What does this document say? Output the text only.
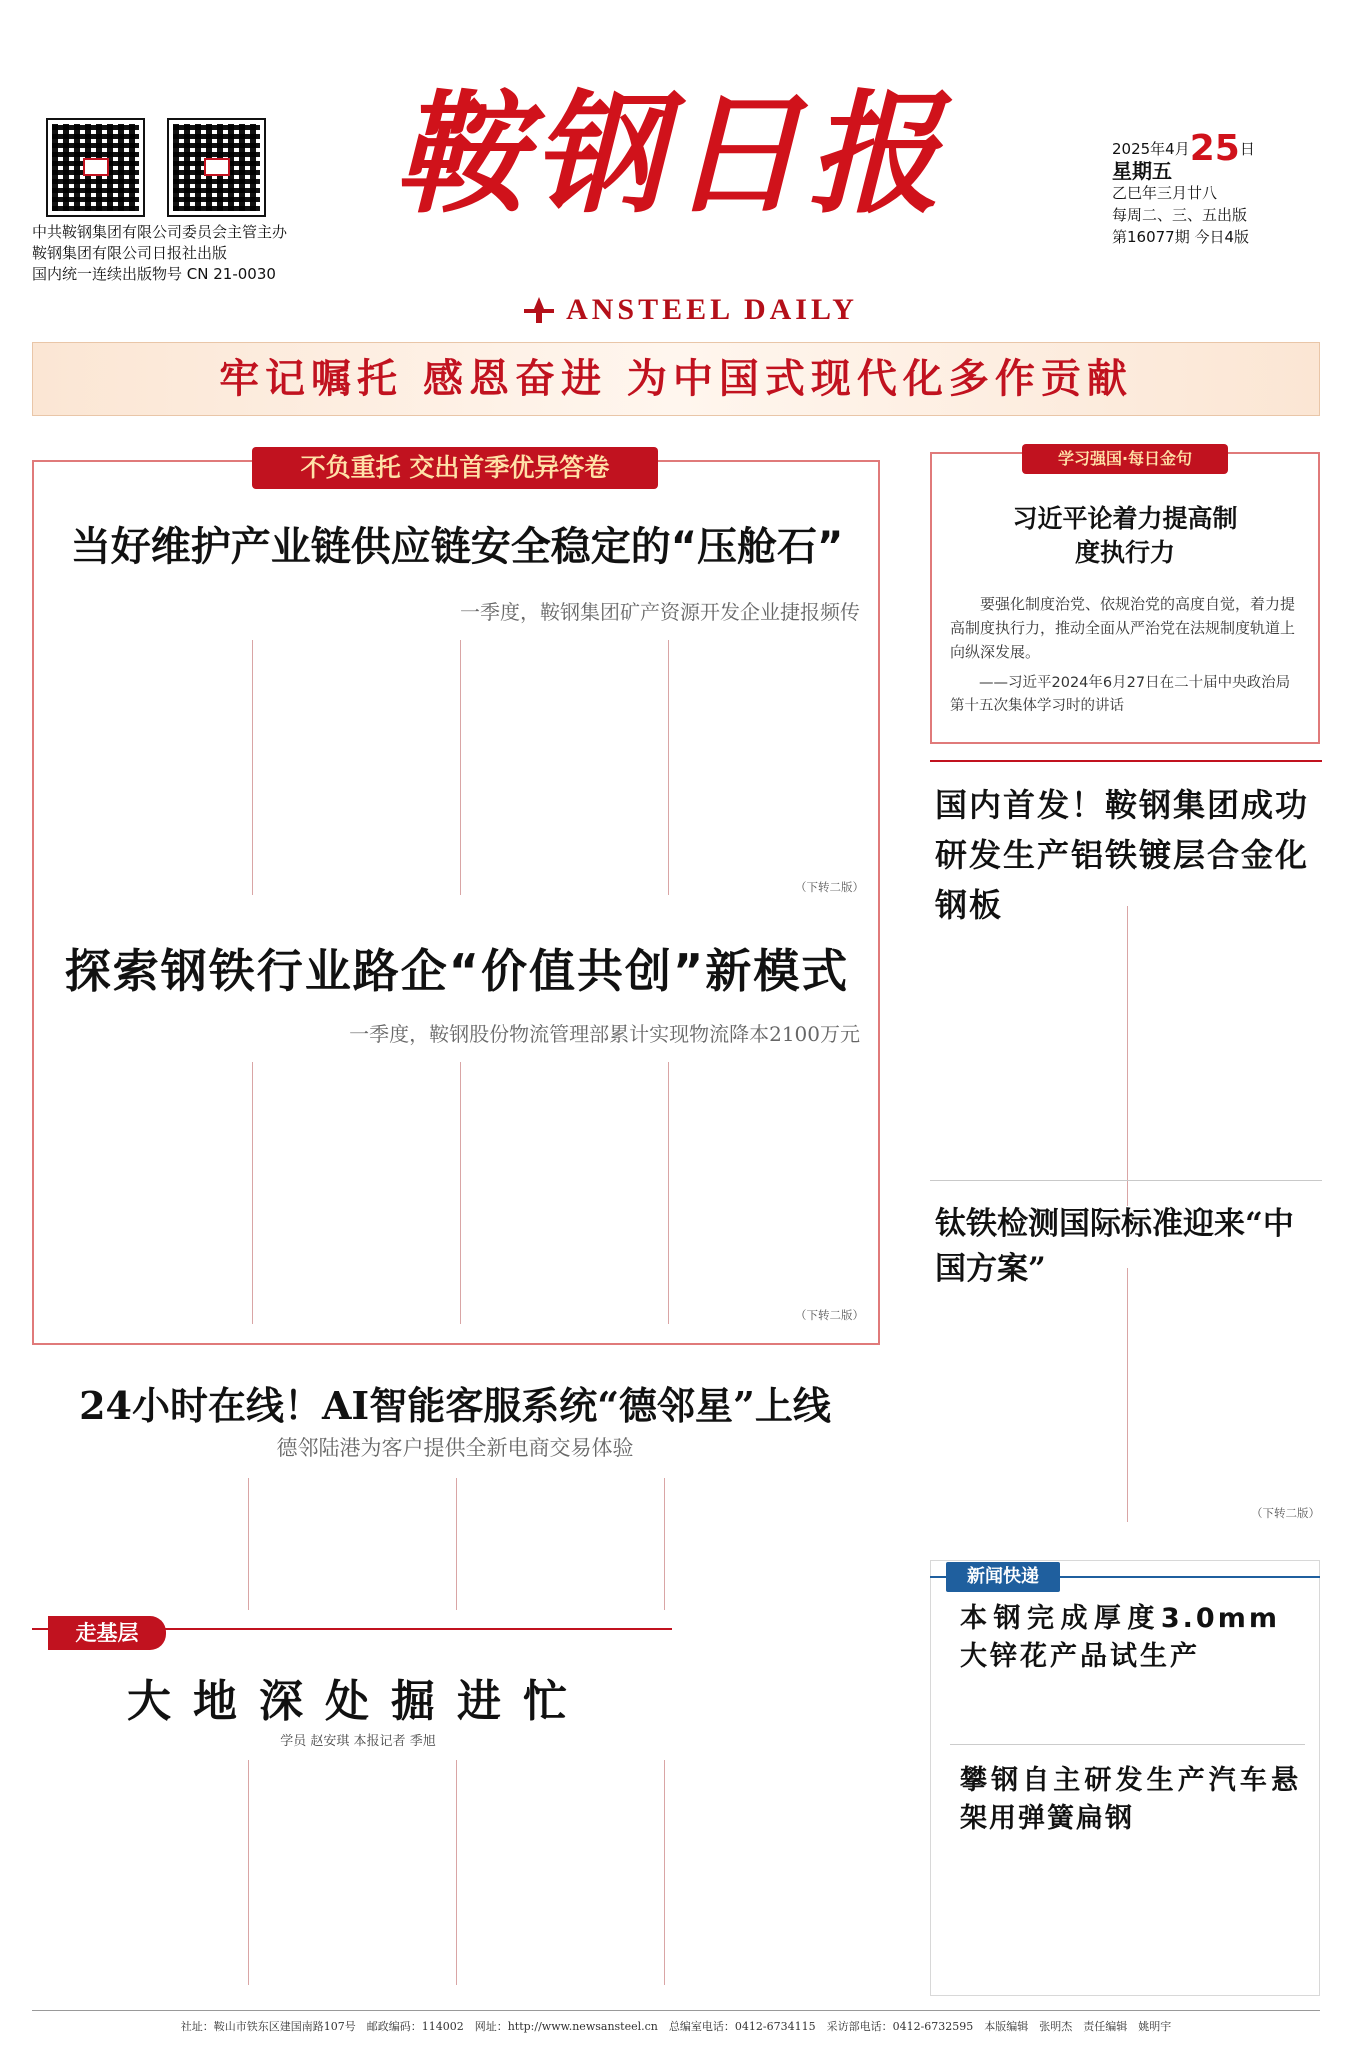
中共鞍钢集团有限公司委员会主管主办
鞍钢集团有限公司日报社出版
国内统一连续出版物号 CN 21-0030
鞍钢日报	2025年4月25日
星期五
乙巳年三月廿八
每周二、三、五出版
第16077期 今日4版
ANSTEEL DAILY
牢记嘱托 感恩奋进 为中国式现代化多作贡献
不负重托 交出首季优异答卷
当好维护产业链供应链安全稳定的“压舱石”
一季度，鞍钢集团矿产资源开发企业捷报频传
（下转二版）
探索钢铁行业路企“价值共创”新模式
一季度，鞍钢股份物流管理部累计实现物流降本2100万元
（下转二版）
24小时在线！AI智能客服系统“德邻星”上线
德邻陆港为客户提供全新电商交易体验
走基层
大地深处掘进忙
学员 赵安琪 本报记者 季旭
学习强国·每日金句
习近平论着力提高制度执行力
要强化制度治党、依规治党的高度自觉，着力提高制度执行力，推动全面从严治党在法规制度轨道上向纵深发展。
——习近平2024年6月27日在二十届中央政治局第十五次集体学习时的讲话
国内首发！鞍钢集团成功研发生产铝铁镀层合金化钢板
钛铁检测国际标准迎来“中国方案”
（下转二版）
新闻快递
本钢完成厚度3.0mm大锌花产品试生产
攀钢自主研发生产汽车悬架用弹簧扁钢
社址：鞍山市铁东区建国南路107号　邮政编码：114002　网址：http://www.newsansteel.cn　总编室电话：0412-6734115　采访部电话：0412-6732595　本版编辑　张明杰　责任编辑　姚明宇
